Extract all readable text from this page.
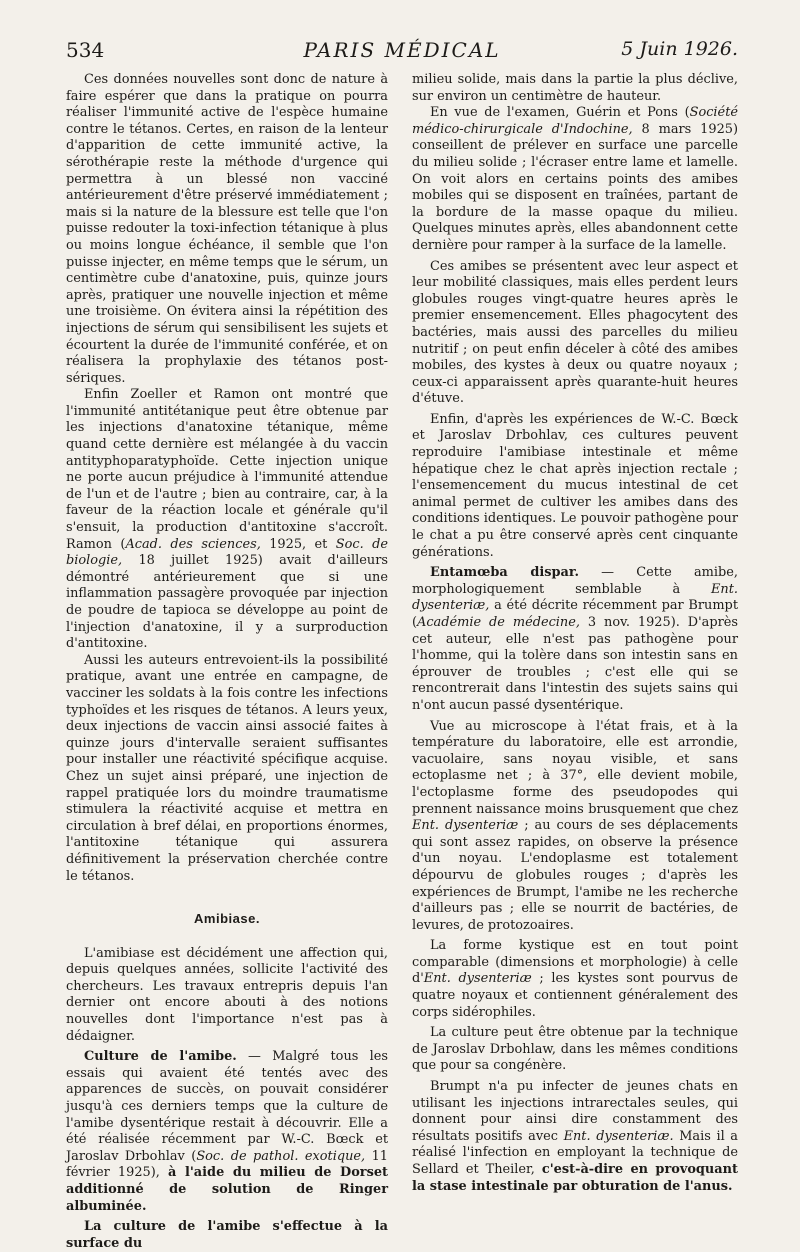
534	PARIS MÉDICAL	5 Juin 1926.

Ces données nouvelles sont donc de nature à faire espérer que dans la pratique on pourra réaliser l'immunité active de l'espèce humaine contre le tétanos. Certes, en raison de la lenteur d'apparition de cette immunité active, la sérothérapie reste la méthode d'urgence qui permettra à un blessé non vacciné antérieurement d'être préservé immédiatement ; mais si la nature de la blessure est telle que l'on puisse redouter la toxi-infection tétanique à plus ou moins longue échéance, il semble que l'on puisse injecter, en même temps que le sérum, un centimètre cube d'anatoxine, puis, quinze jours après, pratiquer une nouvelle injection et même une troisième. On évitera ainsi la répétition des injections de sérum qui sensibilisent les sujets et écourtent la durée de l'immunité conférée, et on réalisera la prophylaxie des tétanos post-sériques.

Enfin Zoeller et Ramon ont montré que l'immunité antitétanique peut être obtenue par les injections d'anatoxine tétanique, même quand cette dernière est mélangée à du vaccin antityphoparatyphoïde. Cette injection unique ne porte aucun préjudice à l'immunité attendue de l'un et de l'autre ; bien au contraire, car, à la faveur de la réaction locale et générale qu'il s'ensuit, la production d'antitoxine s'accroît. Ramon (Acad. des sciences, 1925, et Soc. de biologie, 18 juillet 1925) avait d'ailleurs démontré antérieurement que si une inflammation passagère provoquée par injection de poudre de tapioca se développe au point de l'injection d'anatoxine, il y a surproduction d'antitoxine.

Aussi les auteurs entrevoient-ils la possibilité pratique, avant une entrée en campagne, de vacciner les soldats à la fois contre les infections typhoïdes et les risques de tétanos. A leurs yeux, deux injections de vaccin ainsi associé faites à quinze jours d'intervalle seraient suffisantes pour installer une réactivité spécifique acquise. Chez un sujet ainsi préparé, une injection de rappel pratiquée lors du moindre traumatisme stimulera la réactivité acquise et mettra en circulation à bref délai, en proportions énormes, l'antitoxine tétanique qui assurera définitivement la préservation cherchée contre le tétanos.

Amibiase.

L'amibiase est décidément une affection qui, depuis quelques années, sollicite l'activité des chercheurs. Les travaux entrepris depuis l'an dernier ont encore abouti à des notions nouvelles dont l'importance n'est pas à dédaigner.

Culture de l'amibe. — Malgré tous les essais qui avaient été tentés avec des apparences de succès, on pouvait considérer jusqu'à ces derniers temps que la culture de l'amibe dysentérique restait à découvrir. Elle a été réalisée récemment par W.-C. Bœck et Jaroslav Drbohlav (Soc. de pathol. exotique, 11 février 1925), à l'aide du milieu de Dorset additionné de solution de Ringer albuminée.

La culture de l'amibe s'effectue à la surface du

milieu solide, mais dans la partie la plus déclive, sur environ un centimètre de hauteur.

En vue de l'examen, Guérin et Pons (Société médico-chirurgicale d'Indochine, 8 mars 1925) conseillent de prélever en surface une parcelle du milieu solide ; l'écraser entre lame et lamelle. On voit alors en certains points des amibes mobiles qui se disposent en traînées, partant de la bordure de la masse opaque du milieu. Quelques minutes après, elles abandonnent cette dernière pour ramper à la surface de la lamelle.

Ces amibes se présentent avec leur aspect et leur mobilité classiques, mais elles perdent leurs globules rouges vingt-quatre heures après le premier ensemencement. Elles phagocytent des bactéries, mais aussi des parcelles du milieu nutritif ; on peut enfin déceler à côté des amibes mobiles, des kystes à deux ou quatre noyaux ; ceux-ci apparaissent après quarante-huit heures d'étuve.

Enfin, d'après les expériences de W.-C. Bœck et Jaroslav Drbohlav, ces cultures peuvent reproduire l'amibiase intestinale et même hépatique chez le chat après injection rectale ; l'ensemencement du mucus intestinal de cet animal permet de cultiver les amibes dans des conditions identiques. Le pouvoir pathogène pour le chat a pu être conservé après cent cinquante générations.

Entamœba dispar. — Cette amibe, morphologiquement semblable à Ent. dysenteriæ, a été décrite récemment par Brumpt (Académie de médecine, 3 nov. 1925). D'après cet auteur, elle n'est pas pathogène pour l'homme, qui la tolère dans son intestin sans en éprouver de troubles ; c'est elle qui se rencontrerait dans l'intestin des sujets sains qui n'ont aucun passé dysentérique.

Vue au microscope à l'état frais, et à la température du laboratoire, elle est arrondie, vacuolaire, sans noyau visible, et sans ectoplasme net ; à 37°, elle devient mobile, l'ectoplasme forme des pseudopodes qui prennent naissance moins brusquement que chez Ent. dysenteriæ ; au cours de ses déplacements qui sont assez rapides, on observe la présence d'un noyau. L'endoplasme est totalement dépourvu de globules rouges ; d'après les expériences de Brumpt, l'amibe ne les recherche d'ailleurs pas ; elle se nourrit de bactéries, de levures, de protozoaires.

La forme kystique est en tout point comparable (dimensions et morphologie) à celle d'Ent. dysenteriæ ; les kystes sont pourvus de quatre noyaux et contiennent généralement des corps sidérophiles.

La culture peut être obtenue par la technique de Jaroslav Drbohlaw, dans les mêmes conditions que pour sa congénère.

Brumpt n'a pu infecter de jeunes chats en utilisant les injections intrarectales seules, qui donnent pour ainsi dire constamment des résultats positifs avec Ent. dysenteriæ. Mais il a réalisé l'infection en employant la technique de Sellard et Theiler, c'est-à-dire en provoquant la stase intestinale par obturation de l'anus.
